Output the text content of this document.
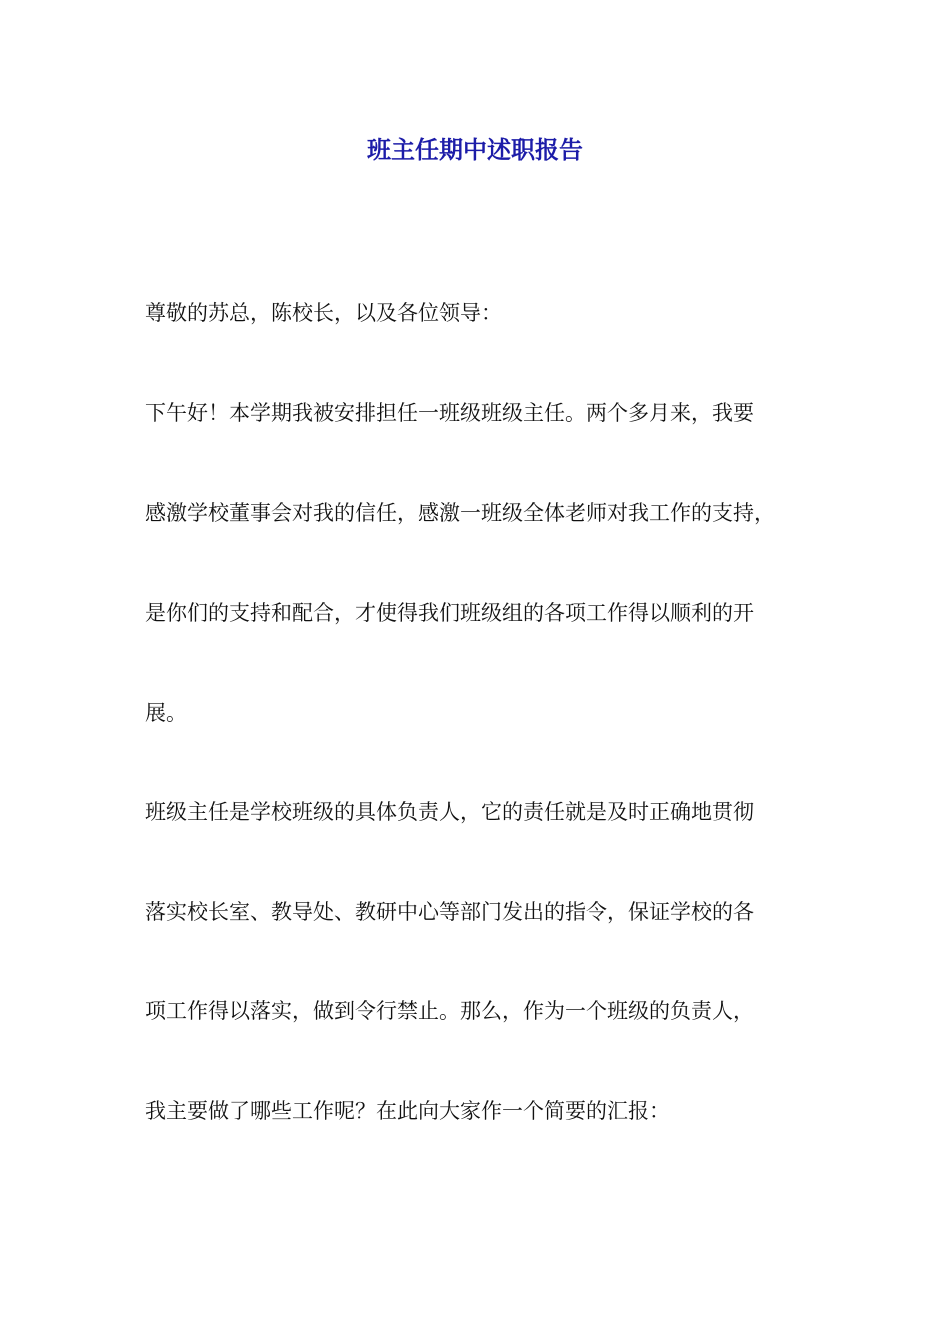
班主任期中述职报告
尊敬的苏总，陈校长，以及各位领导：
下午好！本学期我被安排担任一班级班级主任。两个多月来，我要
感激学校董事会对我的信任，感激一班级全体老师对我工作的支持，
是你们的支持和配合，才使得我们班级组的各项工作得以顺利的开
展。
班级主任是学校班级的具体负责人，它的责任就是及时正确地贯彻
落实校长室、教导处、教研中心等部门发出的指令，保证学校的各
项工作得以落实，做到令行禁止。那么，作为一个班级的负责人，
我主要做了哪些工作呢？在此向大家作一个简要的汇报：
